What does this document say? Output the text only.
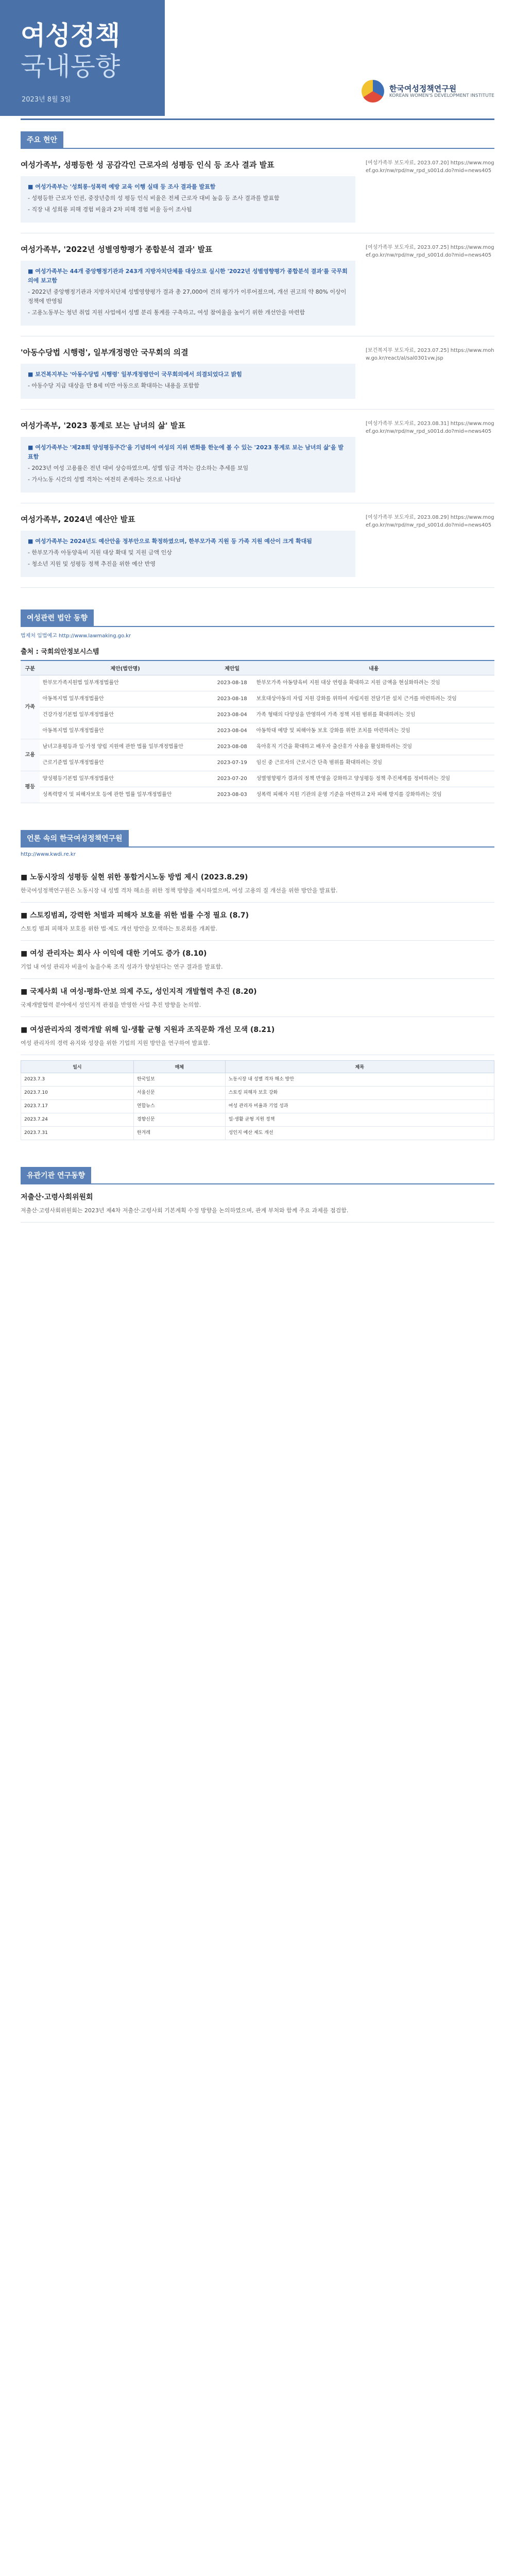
여성정책
국내동향
2023년 8월 3일
한국여성정책연구원
KOREAN WOMEN'S DEVELOPMENT INSTITUTE
주요 현안
여성가족부, 성평등한 성 공감각인 근로자의 성평등 인식 등 조사 결과 발표
■ 여성가족부는 '성희롱·성폭력 예방 교육 이행 실태 등 조사 결과를 발표함
- 성평등한 근로자 인권, 중장년층의 성 평등 인식 비율은 전체 근로자 대비 높음 등 조사 결과를 발표함
- 직장 내 성희롱 피해 경험 비율과 2차 피해 경험 비율 등이 조사됨
[여성가족부 보도자료, 2023.07.20] https://www.mogef.go.kr/nw/rpd/nw_rpd_s001d.do?mid=news405
여성가족부, '2022년 성별영향평가 종합분석 결과' 발표
■ 여성가족부는 44개 중앙행정기관과 243개 지방자치단체를 대상으로 실시한 '2022년 성별영향평가 종합분석 결과'를 국무회의에 보고함
- 2022년 중앙행정기관과 지방자치단체 성별영향평가 결과 총 27,000여 건의 평가가 이루어졌으며, 개선 권고의 약 80% 이상이 정책에 반영됨
- 고용노동부는 청년 취업 지원 사업에서 성별 분리 통계를 구축하고, 여성 참여율을 높이기 위한 개선안을 마련함
[여성가족부 보도자료, 2023.07.25] https://www.mogef.go.kr/nw/rpd/nw_rpd_s001d.do?mid=news405
'아동수당법 시행령', 일부개정령안 국무회의 의결
■ 보건복지부는 '아동수당법 시행령' 일부개정령안이 국무회의에서 의결되었다고 밝힘
- 아동수당 지급 대상을 만 8세 미만 아동으로 확대하는 내용을 포함함
[보건복지부 보도자료, 2023.07.25] https://www.mohw.go.kr/react/al/sal0301vw.jsp
여성가족부, '2023 통계로 보는 남녀의 삶' 발표
■ 여성가족부는 '제28회 양성평등주간'을 기념하여 여성의 지위 변화를 한눈에 볼 수 있는 '2023 통계로 보는 남녀의 삶'을 발표함
- 2023년 여성 고용률은 전년 대비 상승하였으며, 성별 임금 격차는 감소하는 추세를 보임
- 가사노동 시간의 성별 격차는 여전히 존재하는 것으로 나타남
[여성가족부 보도자료, 2023.08.31] https://www.mogef.go.kr/nw/rpd/nw_rpd_s001d.do?mid=news405
여성가족부, 2024년 예산안 발표
■ 여성가족부는 2024년도 예산안을 정부안으로 확정하였으며, 한부모가족 지원 등 가족 지원 예산이 크게 확대됨
- 한부모가족 아동양육비 지원 대상 확대 및 지원 금액 인상
- 청소년 지원 및 성평등 정책 추진을 위한 예산 반영
[여성가족부 보도자료, 2023.08.29] https://www.mogef.go.kr/nw/rpd/nw_rpd_s001d.do?mid=news405
여성관련 법안 동향
법제처 입법예고 http://www.lawmaking.go.kr
출처 : 국회의안정보시스템
구분	제안(법안명)	제안일	내용
가족	한부모가족지원법 일부개정법률안	2023-08-18	한부모가족 아동양육비 지원 대상 연령을 확대하고 지원 금액을 현실화하려는 것임
	아동복지법 일부개정법률안	2023-08-18	보호대상아동의 자립 지원 강화를 위하여 자립지원 전담기관 설치 근거를 마련하려는 것임
	건강가정기본법 일부개정법률안	2023-08-04	가족 형태의 다양성을 반영하여 가족 정책 지원 범위를 확대하려는 것임
	아동복지법 일부개정법률안	2023-08-04	아동학대 예방 및 피해아동 보호 강화를 위한 조치를 마련하려는 것임
고용	남녀고용평등과 일·가정 양립 지원에 관한 법률 일부개정법률안	2023-08-08	육아휴직 기간을 확대하고 배우자 출산휴가 사용을 활성화하려는 것임
	근로기준법 일부개정법률안	2023-07-19	임신 중 근로자의 근로시간 단축 범위를 확대하려는 것임
평등	양성평등기본법 일부개정법률안	2023-07-20	성별영향평가 결과의 정책 반영을 강화하고 양성평등 정책 추진체계를 정비하려는 것임
	성폭력방지 및 피해자보호 등에 관한 법률 일부개정법률안	2023-08-03	성폭력 피해자 지원 기관의 운영 기준을 마련하고 2차 피해 방지를 강화하려는 것임
언론 속의 한국여성정책연구원
http://www.kwdi.re.kr
■ 노동시장의 성평등 실현 위한 통합거시노동 방법 제시 (2023.8.29)
한국여성정책연구원은 노동시장 내 성별 격차 해소를 위한 정책 방향을 제시하였으며, 여성 고용의 질 개선을 위한 방안을 발표함.
■ 스토킹범죄, 강력한 처벌과 피해자 보호를 위한 법률 수정 필요 (8.7)
스토킹 범죄 피해자 보호를 위한 법·제도 개선 방안을 모색하는 토론회를 개최함.
■ 여성 관리자는 회사 사 이익에 대한 기여도 증가 (8.10)
기업 내 여성 관리자 비율이 높을수록 조직 성과가 향상된다는 연구 결과를 발표함.
■ 국제사회 내 여성·평화·안보 의제 주도, 성인지적 개발협력 추진 (8.20)
국제개발협력 분야에서 성인지적 관점을 반영한 사업 추진 방향을 논의함.
■ 여성관리자의 경력개발 위해 일·생활 균형 지원과 조직문화 개선 모색 (8.21)
여성 관리자의 경력 유지와 성장을 위한 기업의 지원 방안을 연구하여 발표함.
일시	매체	제목
2023.7.3	한국일보	노동시장 내 성별 격차 해소 방안
2023.7.10	서울신문	스토킹 피해자 보호 강화
2023.7.17	연합뉴스	여성 관리자 비율과 기업 성과
2023.7.24	경향신문	일·생활 균형 지원 정책
2023.7.31	한겨레	성인지 예산 제도 개선
유관기관 연구동향
저출산·고령사회위원회
저출산·고령사회위원회는 2023년 제4차 저출산·고령사회 기본계획 수정 방향을 논의하였으며, 관계 부처와 함께 주요 과제를 점검함.
